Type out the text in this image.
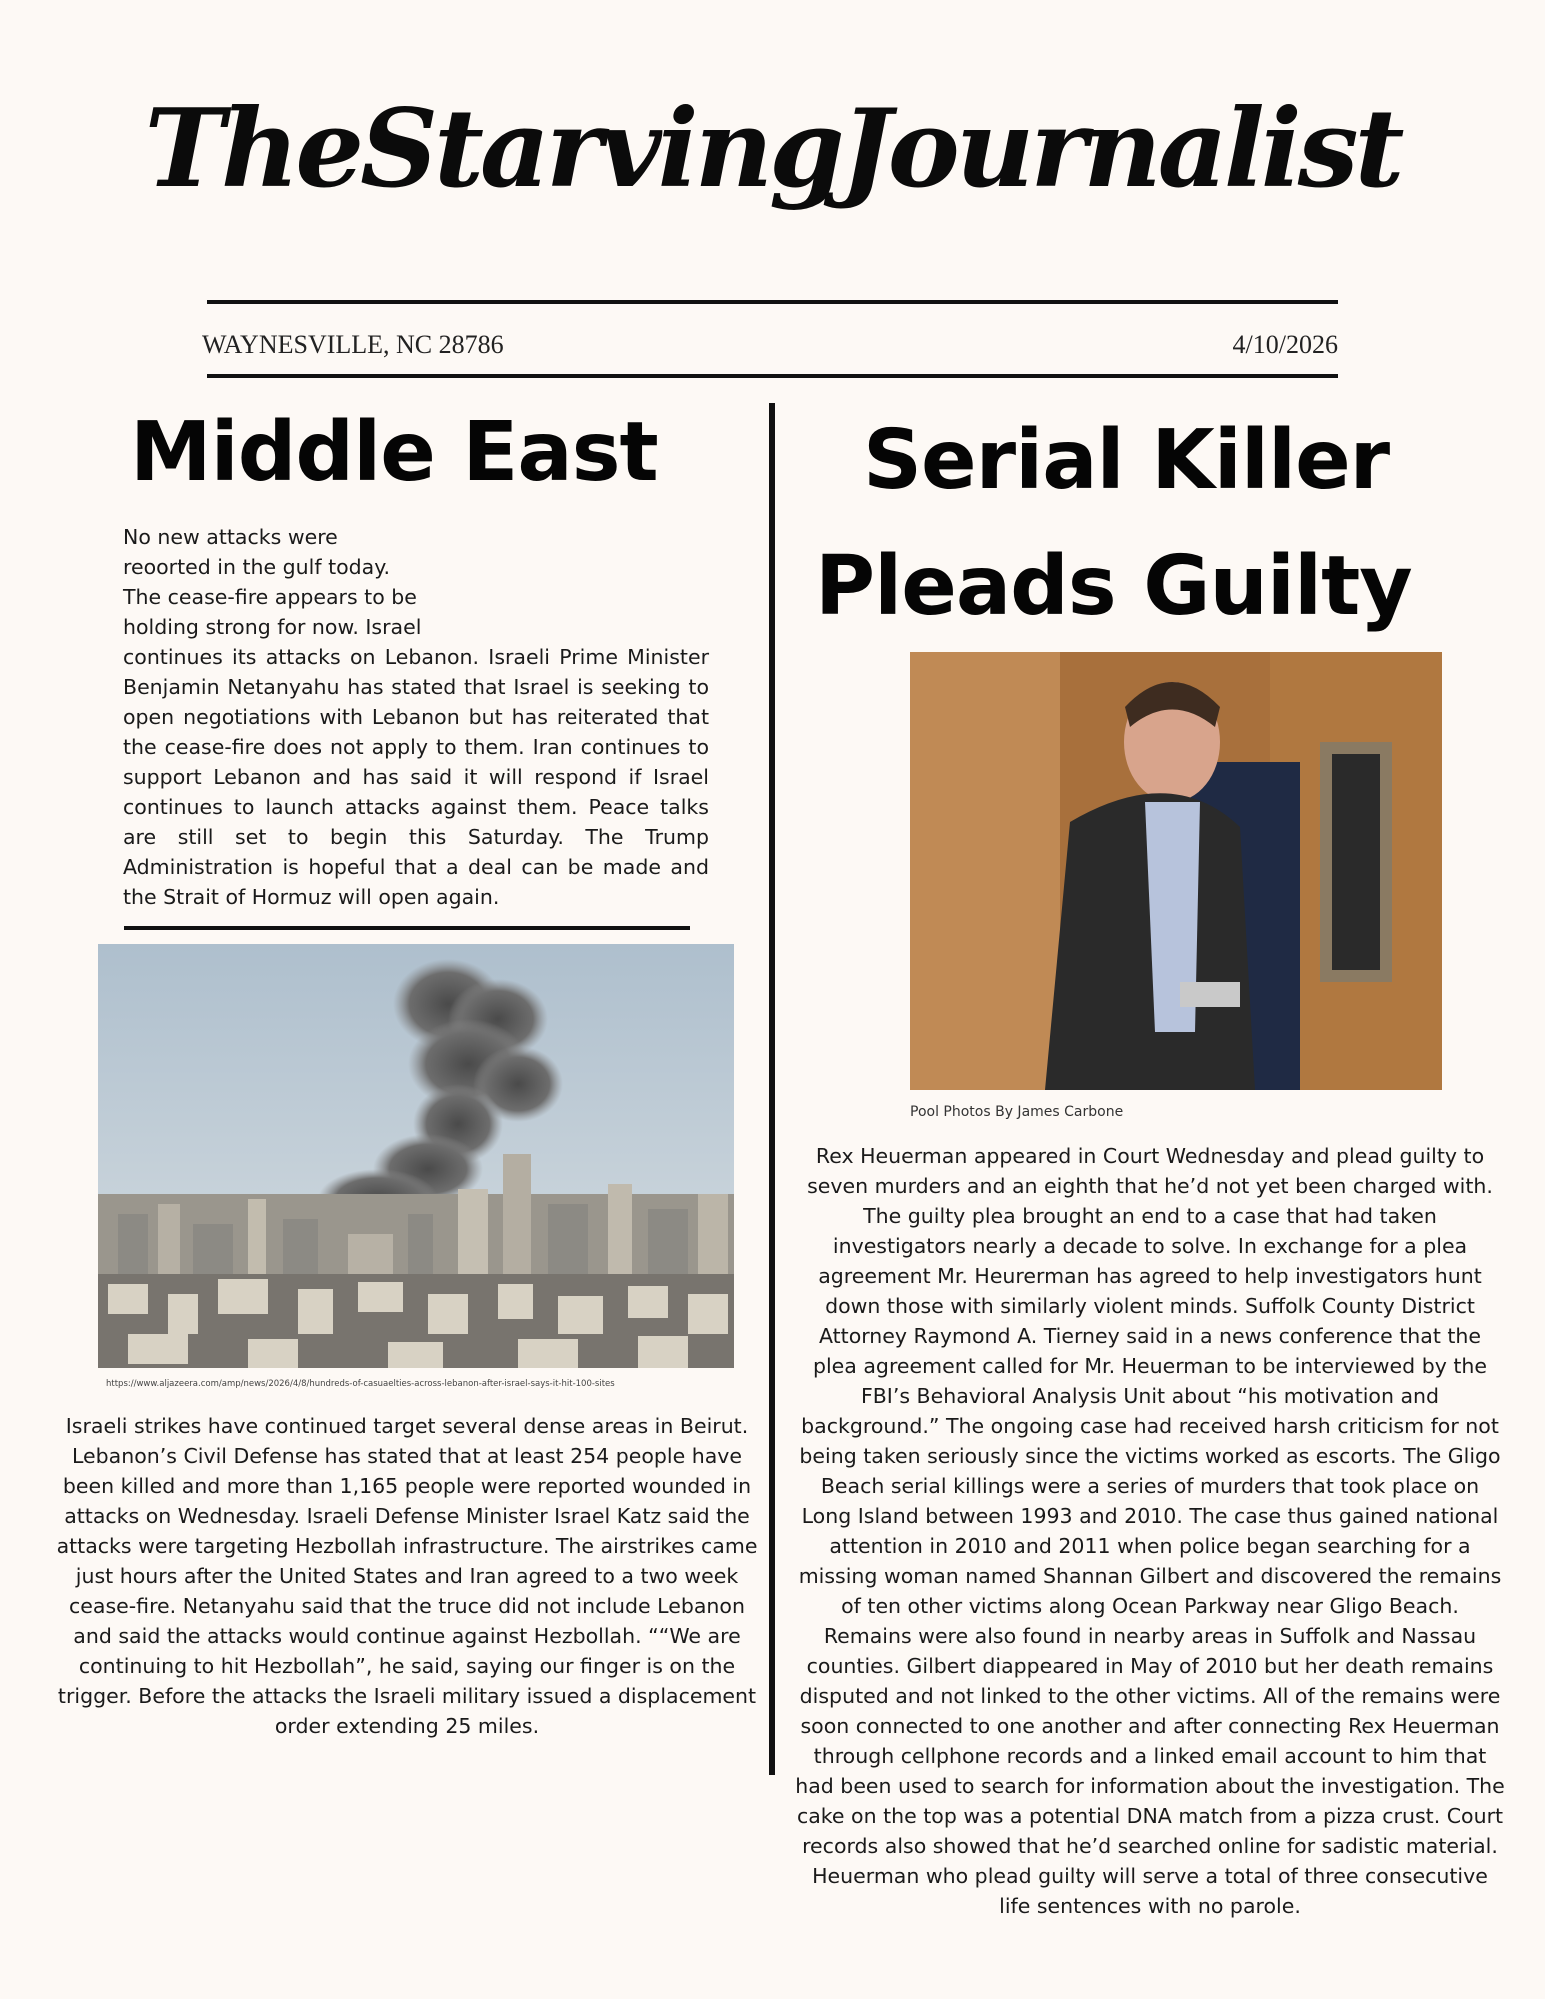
TheStarvingJournalist
WAYNESVILLE, NC 28786	4/10/2026
Middle East
No new attacks were
reoorted in the gulf today.
The cease-fire appears to be
holding strong for now. Israel

continues its attacks on Lebanon. Israeli Prime Minister Benjamin Netanyahu has stated that Israel is seeking to open negotiations with Lebanon but has reiterated that the cease-fire does not apply to them. Iran continues to support Lebanon and has said it will respond if Israel continues to launch attacks against them. Peace talks are still set to begin this Saturday. The Trump Administration is hopeful that a deal can be made and the Strait of Hormuz will open again.

https://www.aljazeera.com/amp/news/2026/4/8/hundreds-of-casuaelties-across-lebanon-after-israel-says-it-hit-100-sites

Israeli strikes have continued target several dense areas in Beirut. Lebanon’s Civil Defense has stated that at least 254 people have been killed and more than 1,165 people were reported wounded in attacks on Wednesday. Israeli Defense Minister Israel Katz said the attacks were targeting Hezbollah infrastructure. The airstrikes came just hours after the United States and Iran agreed to a two week cease-fire. Netanyahu said that the truce did not include Lebanon and said the attacks would continue against Hezbollah. ““We are continuing to hit Hezbollah”, he said, saying our finger is on the trigger. Before the attacks the Israeli military issued a displacement order extending 25 miles.

Serial Killer
Pleads Guilty
Pool Photos By James Carbone

Rex Heuerman appeared in Court Wednesday and plead guilty to seven murders and an eighth that he’d not yet been charged with. The guilty plea brought an end to a case that had taken investigators nearly a decade to solve. In exchange for a plea agreement Mr. Heurerman has agreed to help investigators hunt down those with similarly violent minds. Suffolk County District Attorney Raymond A. Tierney said in a news conference that the plea agreement called for Mr. Heuerman to be interviewed by the FBI’s Behavioral Analysis Unit about “his motivation and background.” The ongoing case had received harsh criticism for not being taken seriously since the victims worked as escorts. The Gligo Beach serial killings were a series of murders that took place on Long Island between 1993 and 2010. The case thus gained national attention in 2010 and 2011 when police began searching for a missing woman named Shannan Gilbert and discovered the remains of ten other victims along Ocean Parkway near Gligo Beach. Remains were also found in nearby areas in Suffolk and Nassau counties. Gilbert diappeared in May of 2010 but her death remains disputed and not linked to the other victims. All of the remains were soon connected to one another and after connecting Rex Heuerman through cellphone records and a linked email account to him that had been used to search for information about the investigation. The cake on the top was a potential DNA match from a pizza crust. Court records also showed that he’d searched online for sadistic material. Heuerman who plead guilty will serve a total of three consecutive life sentences with no parole.
